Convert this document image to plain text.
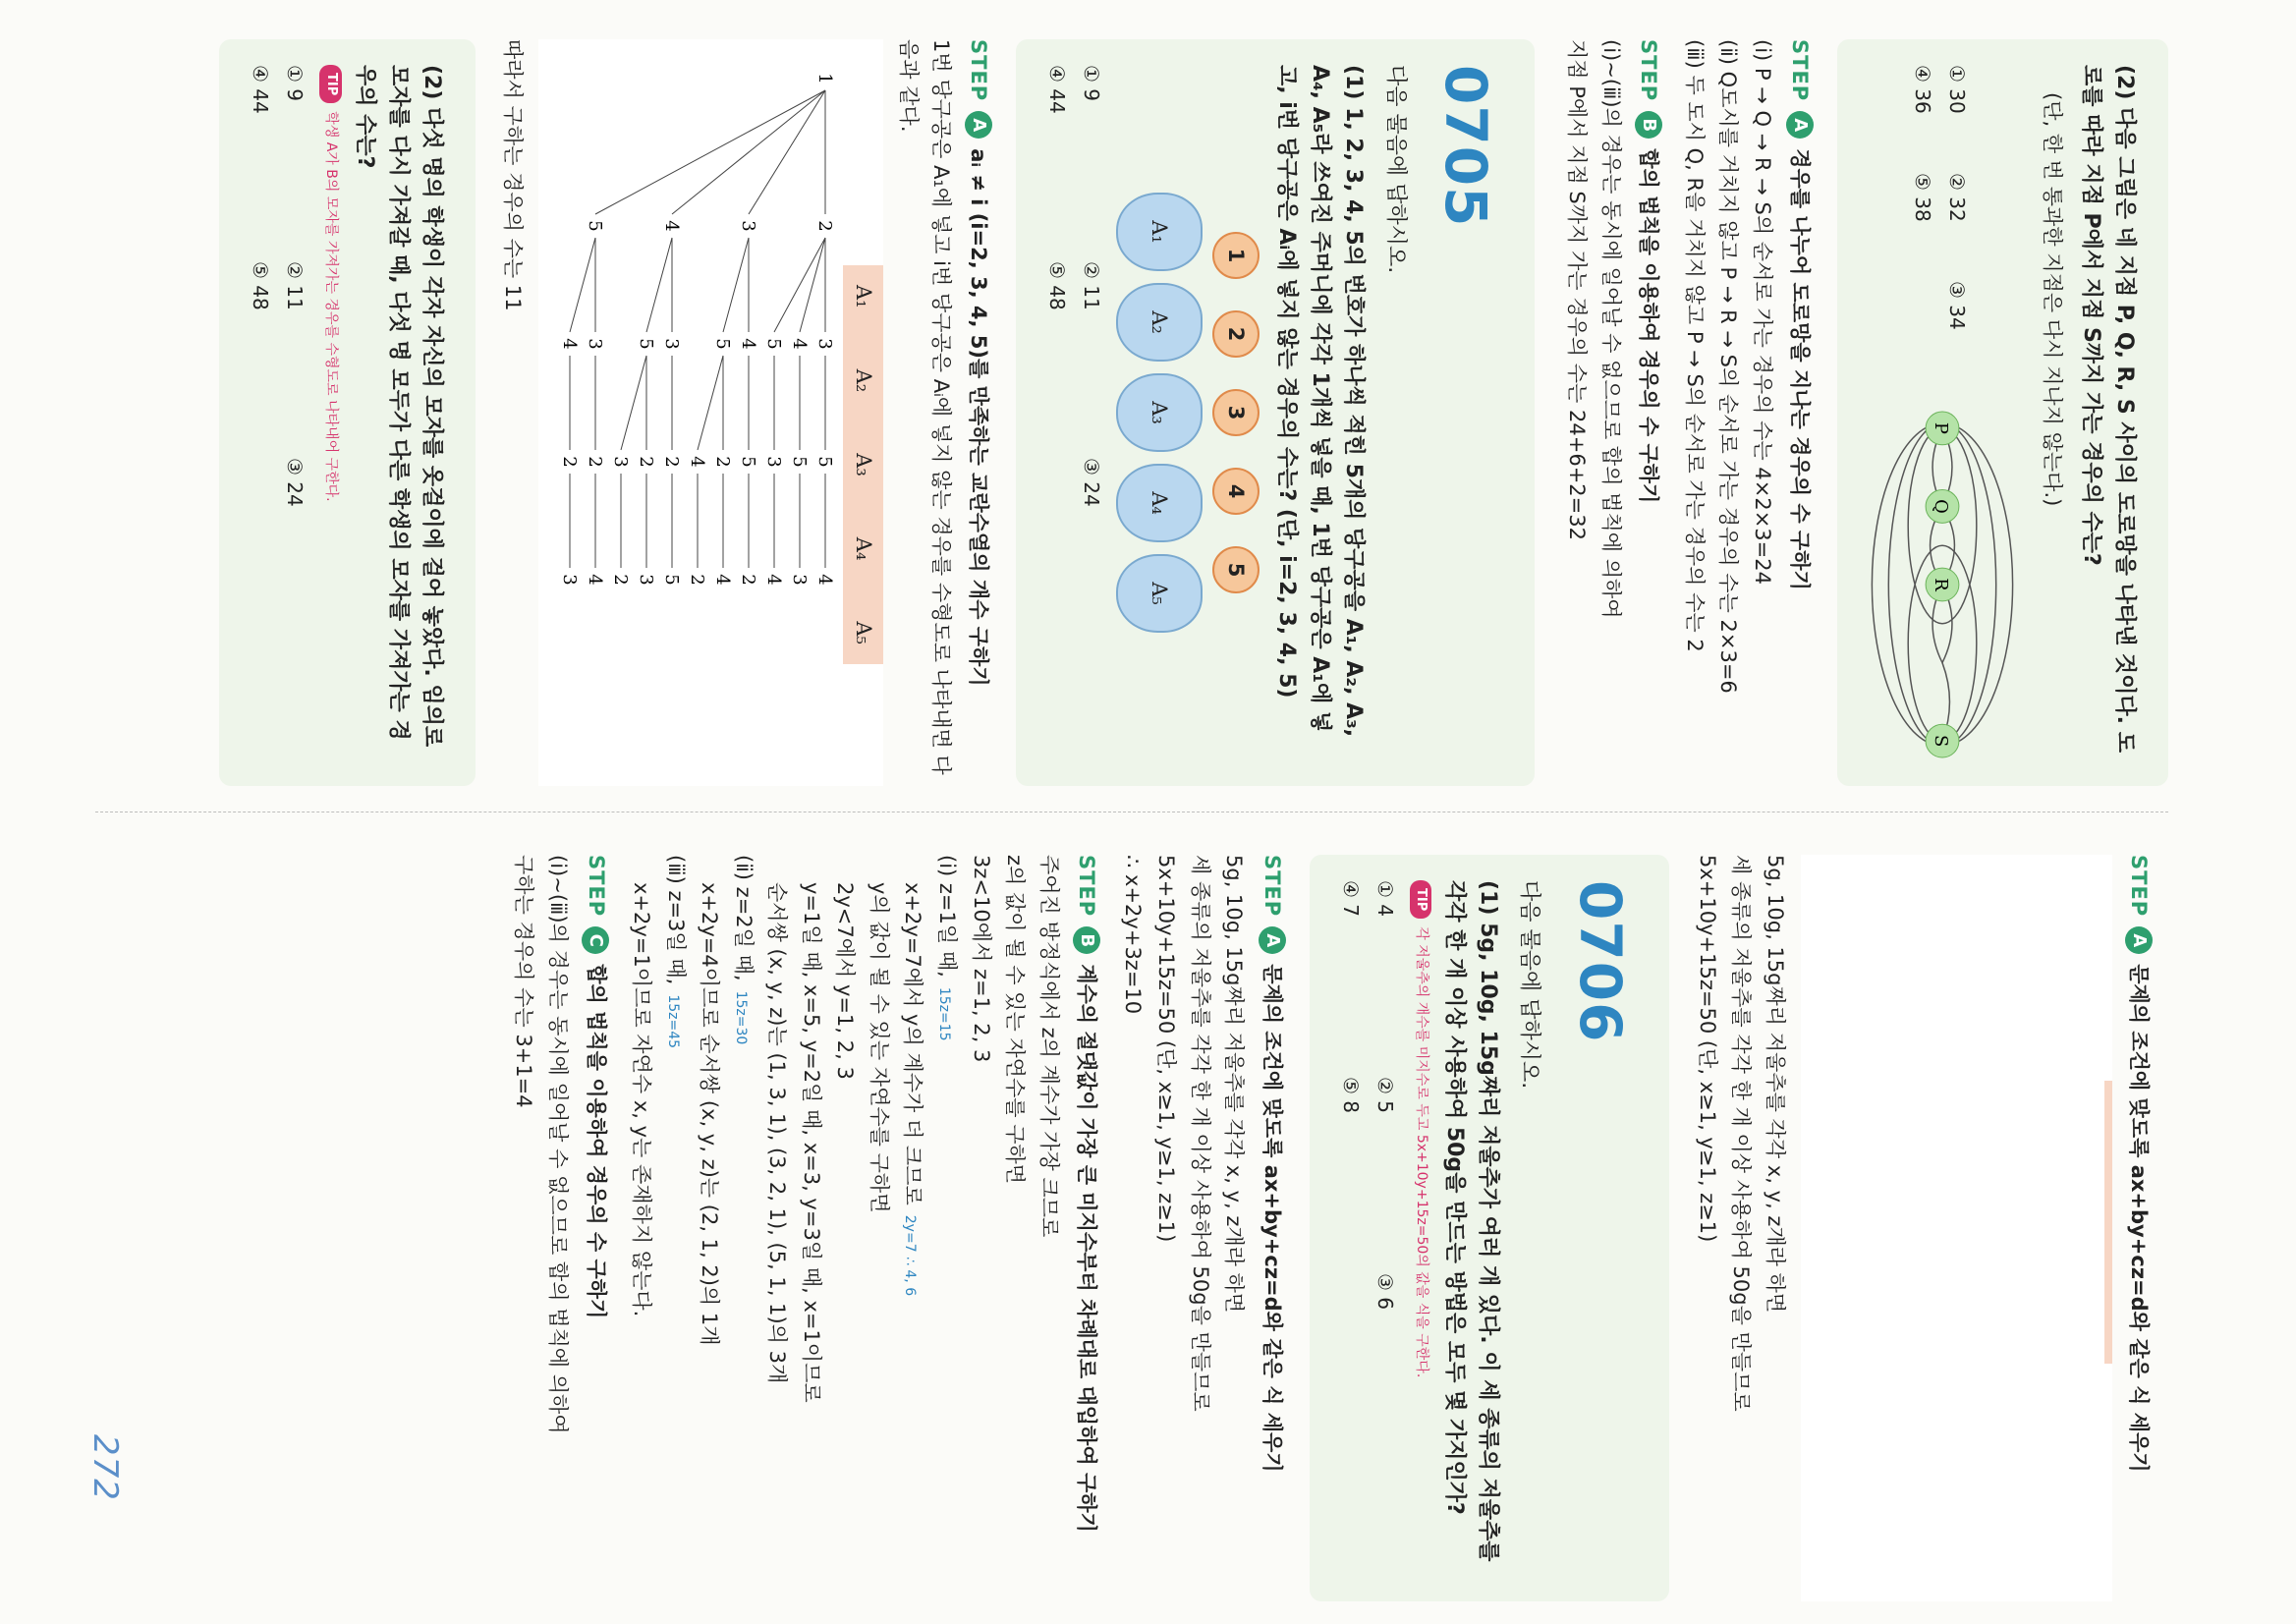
272
(2) 다음 그림은 네 지점 P, Q, R, S 사이의 도로망을 나타낸 것이다. 도로를 따라 지점 P에서 지점 S까지 가는 경우의 수는?
(단, 한 번 통과한 지점은 다시 지나지 않는다.)
① 30
② 32
③ 34
④ 36
⑤ 38
P
Q
R
S
STEP
A
경우를 나누어 도로망을 지나는 경우의 수 구하기
(ⅰ) P → Q → R → S의 순서로 가는 경우의 수는 4×2×3=24
(ⅱ) Q도시를 거치지 않고 P → R → S의 순서로 가는 경우의 수는 2×3=6
(ⅲ) 두 도시 Q, R을 거치지 않고 P → S의 순서로 가는 경우의 수는 2
STEP
B
합의 법칙을 이용하여 경우의 수 구하기
(ⅰ)~(ⅲ)의 경우는 동시에 일어날 수 없으므로 합의 법칙에 의하여
지점 P에서 지점 S까지 가는 경우의 수는 24+6+2=32
0705
다음 물음에 답하시오.
(1) 1, 2, 3, 4, 5의 번호가 하나씩 적힌 5개의 당구공을 A₁, A₂, A₃, A₄, A₅라 쓰여진 주머니에 각각 1개씩 넣을 때, 1번 당구공은 A₁에 넣고, i번 당구공은 Aᵢ에 넣지 않는 경우의 수는? (단, i=2, 3, 4, 5)
1
2
3
4
5
A₁
A₂
A₃
A₄
A₅
① 9
② 11
③ 24
④ 44
⑤ 48
STEP
A
aᵢ ≠ i (i=2, 3, 4, 5)를 만족하는 교란수열의 개수 구하기
1번 당구공은 A₁에 넣고 i번 당구공은 Aᵢ에 넣지 않는 경우를 수형도로 나타내면 다음과 같다.
A₁
A₂
A₃
A₄
A₅
1
2
3
5
4
4
5
3
5
3
4
3
4
5
2
5
2
4
4
2
4
3
2
5
5
2
3
3
2
5
3
2
4
4
2
3
따라서 구하는 경우의 수는 11
(2) 다섯 명의 학생이 각자 자신의 모자를 옷걸이에 걸어 놓았다. 임의로 모자를 다시 가져갈 때, 다섯 명 모두가 다른 학생의 모자를 가져가는 경우의 수는?
TIP
학생 A가 B의 모자를 가져가는 경우를 수형도로 나타내어 구한다.
① 9
② 11
③ 24
④ 44
⑤ 48
STEP
A
문제의 조건에 맞도록 ax+by+cz=d와 같은 식 세우기
5g, 10g, 15g짜리 저울추를 각각 x, y, z개라 하면
세 종류의 저울추를 각각 한 개 이상 사용하여 50g을 만들므로
5x+10y+15z=50 (단, x≥1, y≥1, z≥1)
0706
다음 물음에 답하시오.
(1) 5g, 10g, 15g짜리 저울추가 여러 개 있다. 이 세 종류의 저울추를 각각 한 개 이상 사용하여 50g을 만드는 방법은 모두 몇 가지인가?
TIP
각 저울추의 개수를 미지수로 두고 5x+10y+15z=50의 값을 식을 구한다.
① 4
② 5
③ 6
④ 7
⑤ 8
STEP
A
문제의 조건에 맞도록 ax+by+cz=d와 같은 식 세우기
5g, 10g, 15g짜리 저울추를 각각 x, y, z개라 하면
세 종류의 저울추를 각각 한 개 이상 사용하여 50g을 만들므로
5x+10y+15z=50 (단, x≥1, y≥1, z≥1)
∴ x+2y+3z=10
STEP
B
계수의 절댓값이 가장 큰 미지수부터 차례대로 대입하여 구하기
주어진 방정식에서 z의 계수가 가장 크므로
z의 값이 될 수 있는 자연수를 구하면
3z<10에서 z=1, 2, 3
(ⅰ) z=1일 때,15z=15
x+2y=7에서 y의 계수가 더 크므로2y=7 ∴ 4, 6
y의 값이 될 수 있는 자연수를 구하면
2y<7에서 y=1, 2, 3
y=1일 때, x=5, y=2일 때, x=3, y=3일 때, x=1이므로
순서쌍 (x, y, z)는 (1, 3, 1), (3, 2, 1), (5, 1, 1)의 3개
(ⅱ) z=2일 때,15z=30
x+2y=4이므로 순서쌍 (x, y, z)는 (2, 1, 2)의 1개
(ⅲ) z=3일 때,15z=45
x+2y=1이므로 자연수 x, y는 존재하지 않는다.
STEP
C
합의 법칙을 이용하여 경우의 수 구하기
(ⅰ)~(ⅲ)의 경우는 동시에 일어날 수 없으므로 합의 법칙에 의하여
구하는 경우의 수는 3+1=4
